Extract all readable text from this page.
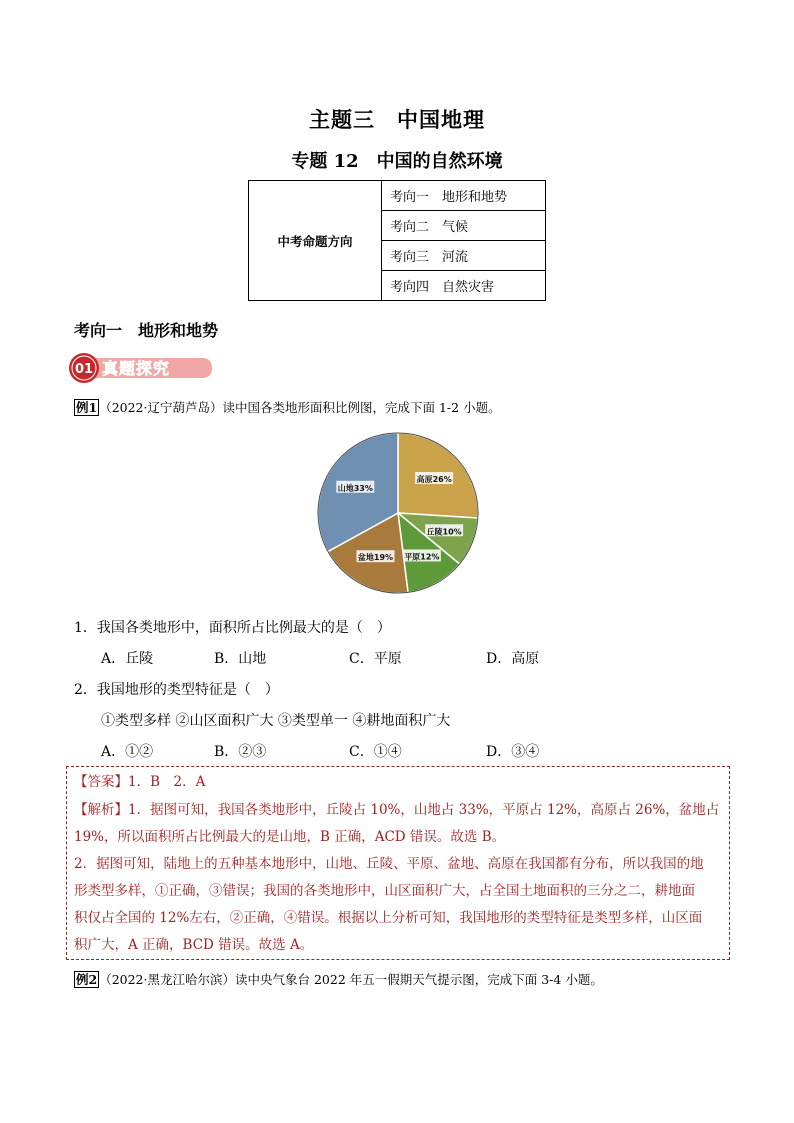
主题三　中国地理
专题 12　中国的自然环境
中考命题方向	考向一　地形和地势
考向二　气候
考向三　河流
考向四　自然灾害
考向一　地形和地势
01 真题探究
例1 （2022·辽宁葫芦岛）读中国各类地形面积比例图，完成下面 1-2 小题。
高原26%
丘陵10%
平原12%
盆地19%
山地33%
1．我国各类地形中，面积所占比例最大的是（　）
A．丘陵	B．山地	C．平原	D．高原
2．我国地形的类型特征是（　）
①类型多样 ②山区面积广大 ③类型单一 ④耕地面积广大
A．①②	B．②③	C．①④	D．③④
【答案】1．B　2．A
【解析】1．据图可知，我国各类地形中，丘陵占 10%，山地占 33%，平原占 12%，高原占 26%，盆地占
19%，所以面积所占比例最大的是山地，B 正确，ACD 错误。故选 B。
2．据图可知，陆地上的五种基本地形中，山地、丘陵、平原、盆地、高原在我国都有分布，所以我国的地
形类型多样，①正确，③错误；我国的各类地形中，山区面积广大，占全国土地面积的三分之二，耕地面
积仅占全国的 12%左右，②正确，④错误。根据以上分析可知，我国地形的类型特征是类型多样，山区面
积广大，A 正确，BCD 错误。故选 A。
例2 （2022·黑龙江哈尔滨）读中央气象台 2022 年五一假期天气提示图，完成下面 3-4 小题。
